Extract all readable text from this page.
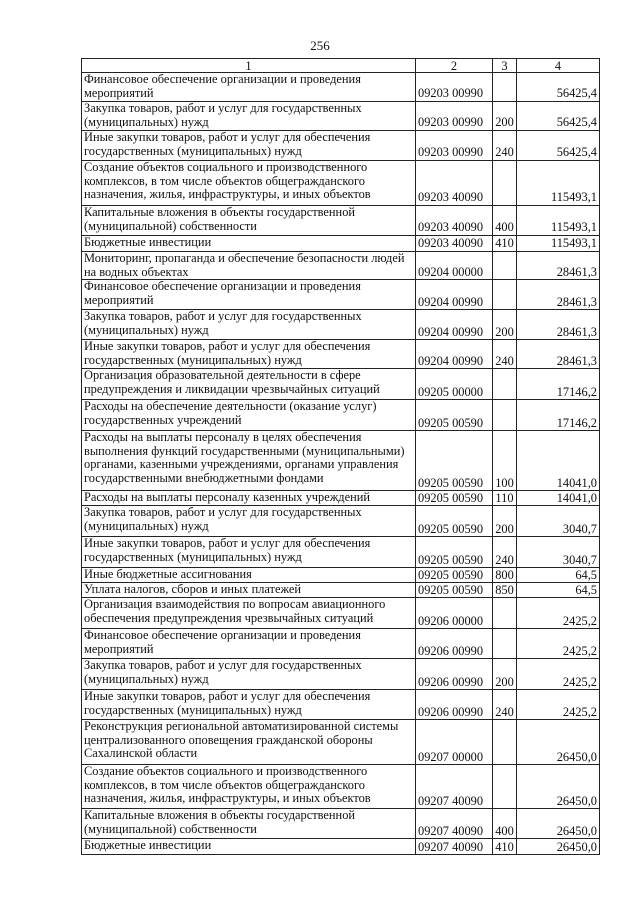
256
1	2	3	4
Финансовое обеспечение организации и проведения мероприятий	09203 00990		56425,4
Закупка товаров, работ и услуг для государственных (муниципальных) нужд	09203 00990	200	56425,4
Иные закупки товаров, работ и услуг для обеспечения государственных (муниципальных) нужд	09203 00990	240	56425,4
Создание объектов социального и производственного комплексов, в том числе объектов общегражданского назначения, жилья, инфраструктуры, и иных объектов	09203 40090		115493,1
Капитальные вложения в объекты государственной (муниципальной) собственности	09203 40090	400	115493,1
Бюджетные инвестиции	09203 40090	410	115493,1
Мониторинг, пропаганда и обеспечение безопасности людей на водных объектах	09204 00000		28461,3
Финансовое обеспечение организации и проведения мероприятий	09204 00990		28461,3
Закупка товаров, работ и услуг для государственных (муниципальных) нужд	09204 00990	200	28461,3
Иные закупки товаров, работ и услуг для обеспечения государственных (муниципальных) нужд	09204 00990	240	28461,3
Организация образовательной деятельности в сфере предупреждения и ликвидации чрезвычайных ситуаций	09205 00000		17146,2
Расходы на обеспечение деятельности (оказание услуг) государственных учреждений	09205 00590		17146,2
Расходы на выплаты персоналу в целях обеспечения выполнения функций государственными (муниципальными) органами, казенными учреждениями, органами управления государственными внебюджетными фондами	09205 00590	100	14041,0
Расходы на выплаты персоналу казенных учреждений	09205 00590	110	14041,0
Закупка товаров, работ и услуг для государственных (муниципальных) нужд	09205 00590	200	3040,7
Иные закупки товаров, работ и услуг для обеспечения государственных (муниципальных) нужд	09205 00590	240	3040,7
Иные бюджетные ассигнования	09205 00590	800	64,5
Уплата налогов, сборов и иных платежей	09205 00590	850	64,5
Организация взаимодействия по вопросам авиационного обеспечения предупреждения чрезвычайных ситуаций	09206 00000		2425,2
Финансовое обеспечение организации и проведения мероприятий	09206 00990		2425,2
Закупка товаров, работ и услуг для государственных (муниципальных) нужд	09206 00990	200	2425,2
Иные закупки товаров, работ и услуг для обеспечения государственных (муниципальных) нужд	09206 00990	240	2425,2
Реконструкция региональной автоматизированной системы централизованного оповещения гражданской обороны Сахалинской области	09207 00000		26450,0
Создание объектов социального и производственного комплексов, в том числе объектов общегражданского назначения, жилья, инфраструктуры, и иных объектов	09207 40090		26450,0
Капитальные вложения в объекты государственной (муниципальной) собственности	09207 40090	400	26450,0
Бюджетные инвестиции	09207 40090	410	26450,0
